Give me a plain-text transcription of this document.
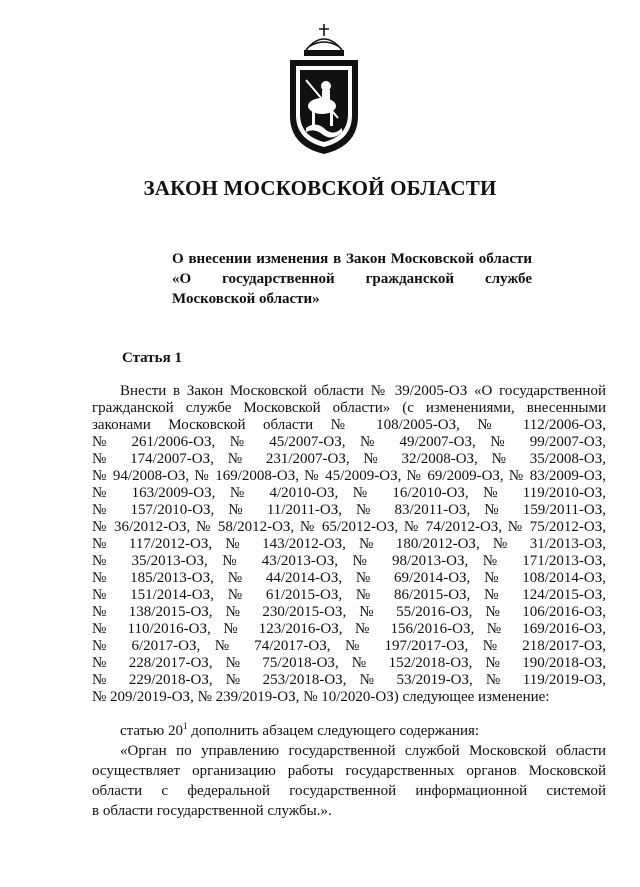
ЗАКОН МОСКОВСКОЙ ОБЛАСТИ
О внесении изменения в Закон Московской области
«О государственной гражданской службе
Московской области»
Статья 1
Внести в Закон Московской области № 39/2005-ОЗ «О государственной
гражданской службе Московской области» (с изменениями, внесенными
законами Московской области № 108/2005-ОЗ, № 112/2006-ОЗ,
№ 261/2006-ОЗ, № 45/2007-ОЗ, № 49/2007-ОЗ, № 99/2007-ОЗ,
№ 174/2007-ОЗ, № 231/2007-ОЗ, № 32/2008-ОЗ, № 35/2008-ОЗ,
№ 94/2008-ОЗ, № 169/2008-ОЗ, № 45/2009-ОЗ, № 69/2009-ОЗ, № 83/2009-ОЗ,
№ 163/2009-ОЗ, № 4/2010-ОЗ, № 16/2010-ОЗ, № 119/2010-ОЗ,
№ 157/2010-ОЗ, № 11/2011-ОЗ, № 83/2011-ОЗ, № 159/2011-ОЗ,
№ 36/2012-ОЗ, № 58/2012-ОЗ, № 65/2012-ОЗ, № 74/2012-ОЗ, № 75/2012-ОЗ,
№ 117/2012-ОЗ, № 143/2012-ОЗ, № 180/2012-ОЗ, № 31/2013-ОЗ,
№ 35/2013-ОЗ, № 43/2013-ОЗ, № 98/2013-ОЗ, № 171/2013-ОЗ,
№ 185/2013-ОЗ, № 44/2014-ОЗ, № 69/2014-ОЗ, № 108/2014-ОЗ,
№ 151/2014-ОЗ, № 61/2015-ОЗ, № 86/2015-ОЗ, № 124/2015-ОЗ,
№ 138/2015-ОЗ, № 230/2015-ОЗ, № 55/2016-ОЗ, № 106/2016-ОЗ,
№ 110/2016-ОЗ, № 123/2016-ОЗ, № 156/2016-ОЗ, № 169/2016-ОЗ,
№ 6/2017-ОЗ, № 74/2017-ОЗ, № 197/2017-ОЗ, № 218/2017-ОЗ,
№ 228/2017-ОЗ, № 75/2018-ОЗ, № 152/2018-ОЗ, № 190/2018-ОЗ,
№ 229/2018-ОЗ, № 253/2018-ОЗ, № 53/2019-ОЗ, № 119/2019-ОЗ,
№ 209/2019-ОЗ, № 239/2019-ОЗ, № 10/2020-ОЗ) следующее изменение:
статью $20^1$ дополнить абзацем следующего содержания:
«Орган по управлению государственной службой Московской области
осуществляет организацию работы государственных органов Московской
области с федеральной государственной информационной системой
в области государственной службы.».
